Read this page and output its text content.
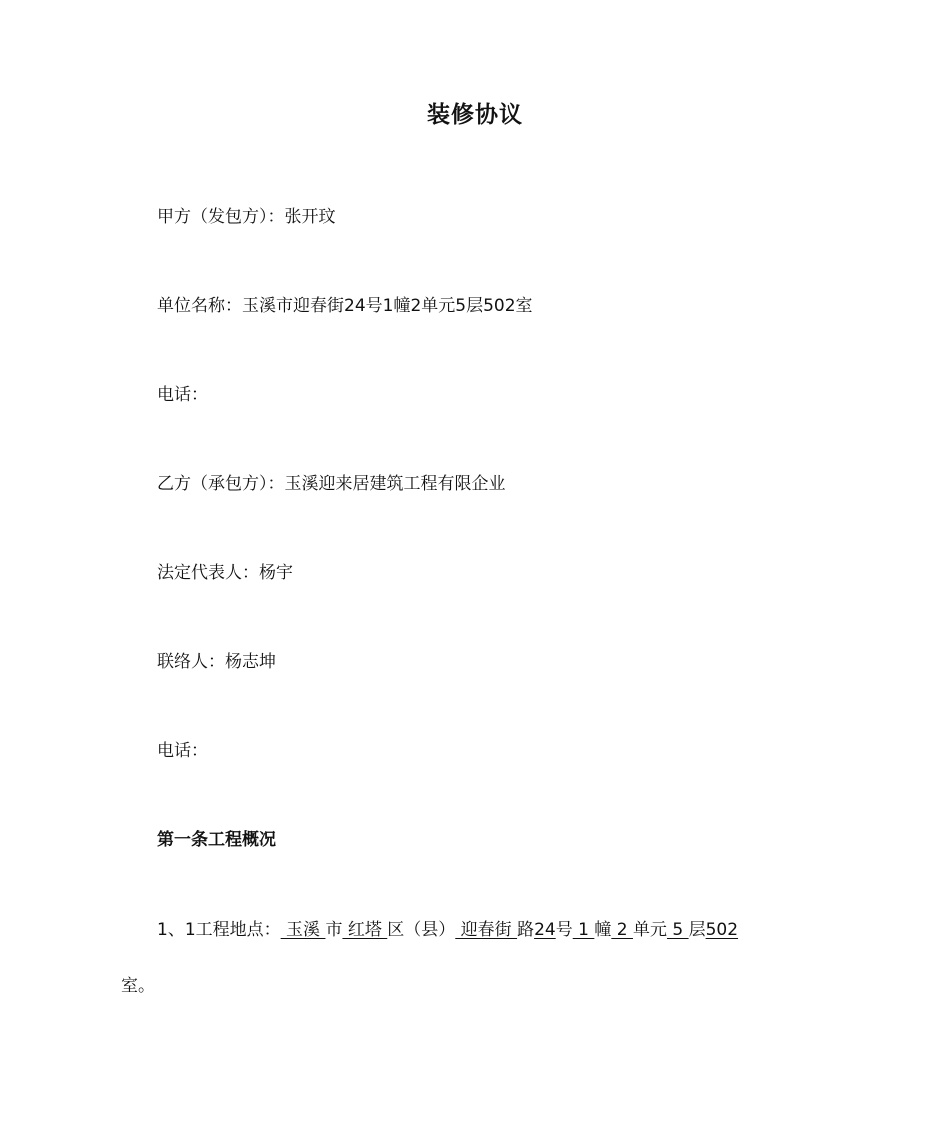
装修协议
甲方（发包方）：张开玟
单位名称：玉溪市迎春街24号1幢2单元5层502室
电话：
乙方（承包方）：玉溪迎来居建筑工程有限企业
法定代表人：杨宇
联络人：杨志坤
电话：
第一条工程概况
1、1工程地点： 玉溪 市 红塔 区（县） 迎春街 路24号 1 幢 2 单元 5 层502
室。
